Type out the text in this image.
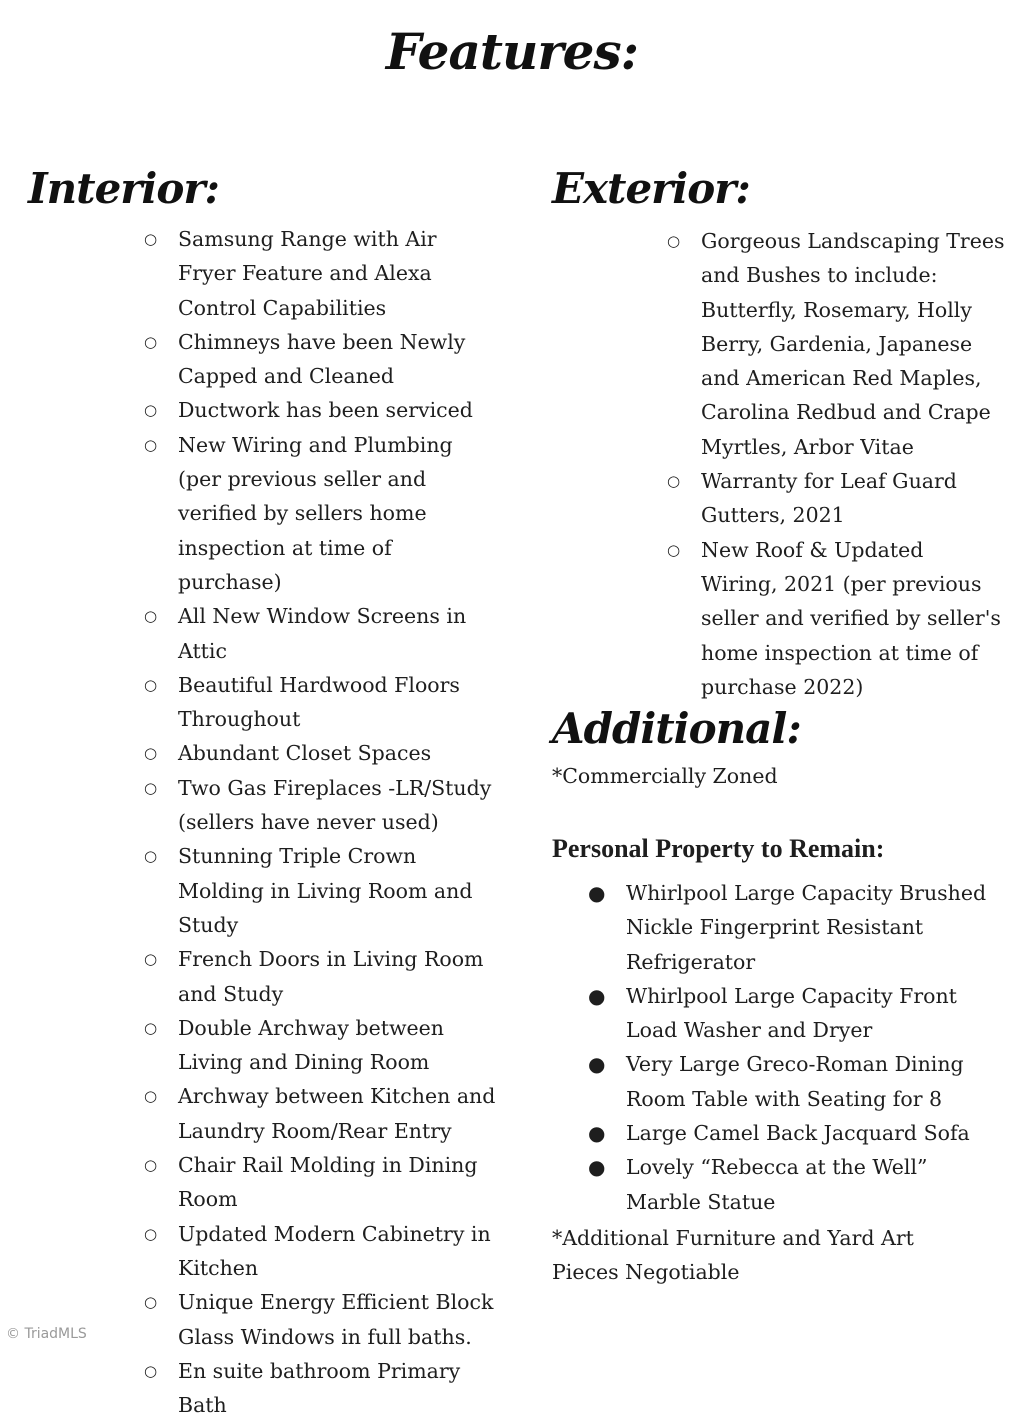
Features:
Interior:
○ Samsung Range with Air Fryer Feature and Alexa Control Capabilities
○ Chimneys have been Newly Capped and Cleaned
○ Ductwork has been serviced
○ New Wiring and Plumbing (per previous seller and verified by sellers home inspection at time of purchase)
○ All New Window Screens in Attic
○ Beautiful Hardwood Floors Throughout
○ Abundant Closet Spaces
○ Two Gas Fireplaces -LR/Study (sellers have never used)
○ Stunning Triple Crown Molding in Living Room and Study
○ French Doors in Living Room and Study
○ Double Archway between Living and Dining Room
○ Archway between Kitchen and Laundry Room/Rear Entry
○ Chair Rail Molding in Dining Room
○ Updated Modern Cabinetry in Kitchen
○ Unique Energy Efficient Block Glass Windows in full baths.
○ En suite bathroom Primary Bath
Exterior:
○ Gorgeous Landscaping Trees and Bushes to include: Butterfly, Rosemary, Holly Berry, Gardenia, Japanese and American Red Maples, Carolina Redbud and Crape Myrtles, Arbor Vitae
○ Warranty for Leaf Guard Gutters, 2021
○ New Roof & Updated Wiring, 2021 (per previous seller and verified by seller's home inspection at time of purchase 2022)
Additional:
*Commercially Zoned
Personal Property to Remain:
● Whirlpool Large Capacity Brushed Nickle Fingerprint Resistant Refrigerator
● Whirlpool Large Capacity Front Load Washer and Dryer
● Very Large Greco-Roman Dining Room Table with Seating for 8
● Large Camel Back Jacquard Sofa
● Lovely “Rebecca at the Well” Marble Statue
*Additional Furniture and Yard Art Pieces Negotiable
© TriadMLS
